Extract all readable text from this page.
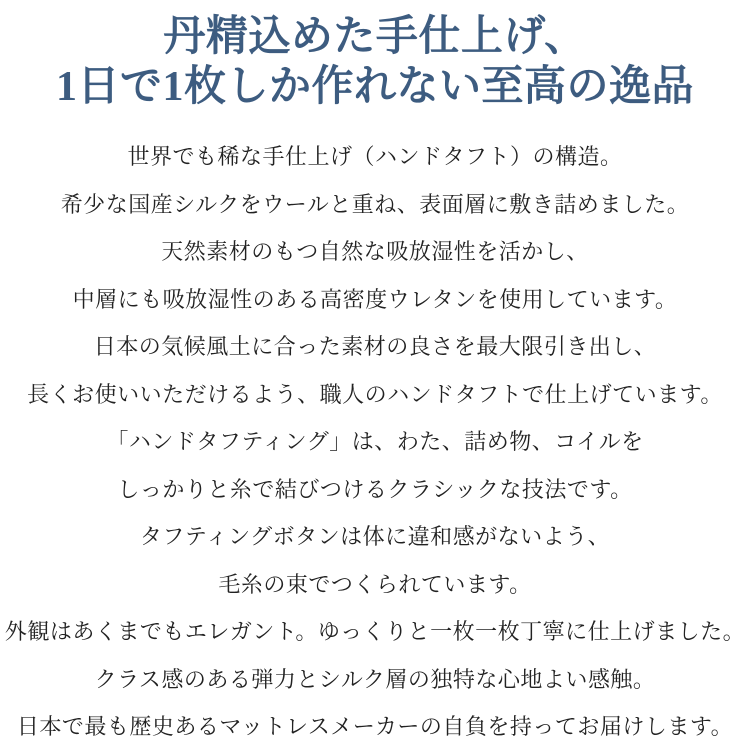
丹精込めた手仕上げ、
1日で1枚しか作れない至高の逸品

世界でも稀な手仕上げ（ハンドタフト）の構造。

希少な国産シルクをウールと重ね、表面層に敷き詰めました。

天然素材のもつ自然な吸放湿性を活かし、

中層にも吸放湿性のある高密度ウレタンを使用しています。

日本の気候風土に合った素材の良さを最大限引き出し、

長くお使いいただけるよう、職人のハンドタフトで仕上げています。

「ハンドタフティング」は、わた、詰め物、コイルを

しっかりと糸で結びつけるクラシックな技法です。

タフティングボタンは体に違和感がないよう、

毛糸の束でつくられています。

外観はあくまでもエレガント。ゆっくりと一枚一枚丁寧に仕上げました。

クラス感のある弾力とシルク層の独特な心地よい感触。

日本で最も歴史あるマットレスメーカーの自負を持ってお届けします。
